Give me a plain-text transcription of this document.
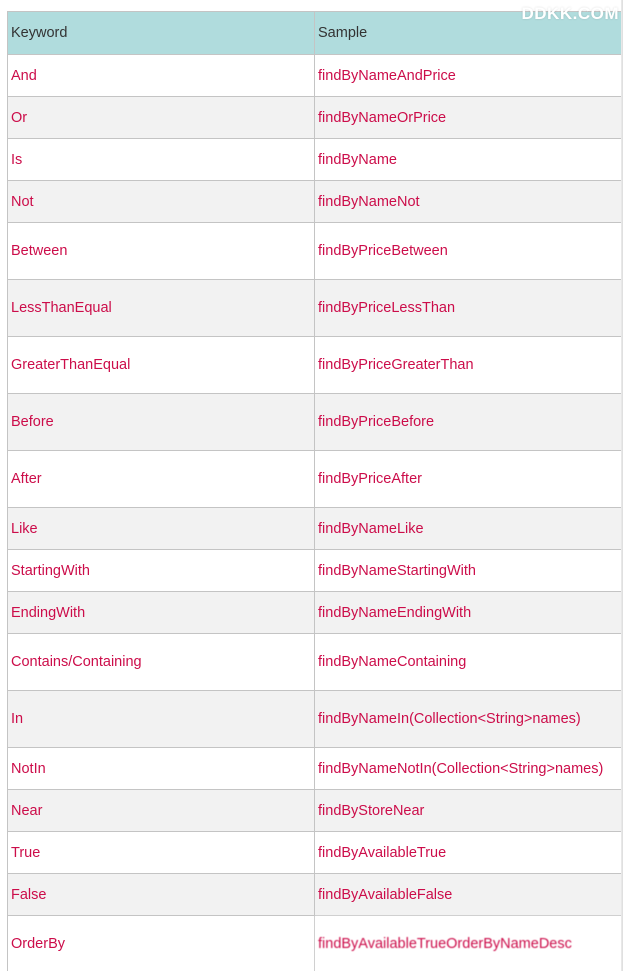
Keyword	Sample
And	findByNameAndPrice
Or	findByNameOrPrice
Is	findByName
Not	findByNameNot
Between	findByPriceBetween
LessThanEqual	findByPriceLessThan
GreaterThanEqual	findByPriceGreaterThan
Before	findByPriceBefore
After	findByPriceAfter
Like	findByNameLike
StartingWith	findByNameStartingWith
EndingWith	findByNameEndingWith
Contains/Containing	findByNameContaining
In	findByNameIn(Collection<String>names)
NotIn	findByNameNotIn(Collection<String>names)
Near	findByStoreNear
True	findByAvailableTrue
False	findByAvailableFalse
OrderBy	findByAvailableTrueOrderByNameDesc
DDKK.COM
